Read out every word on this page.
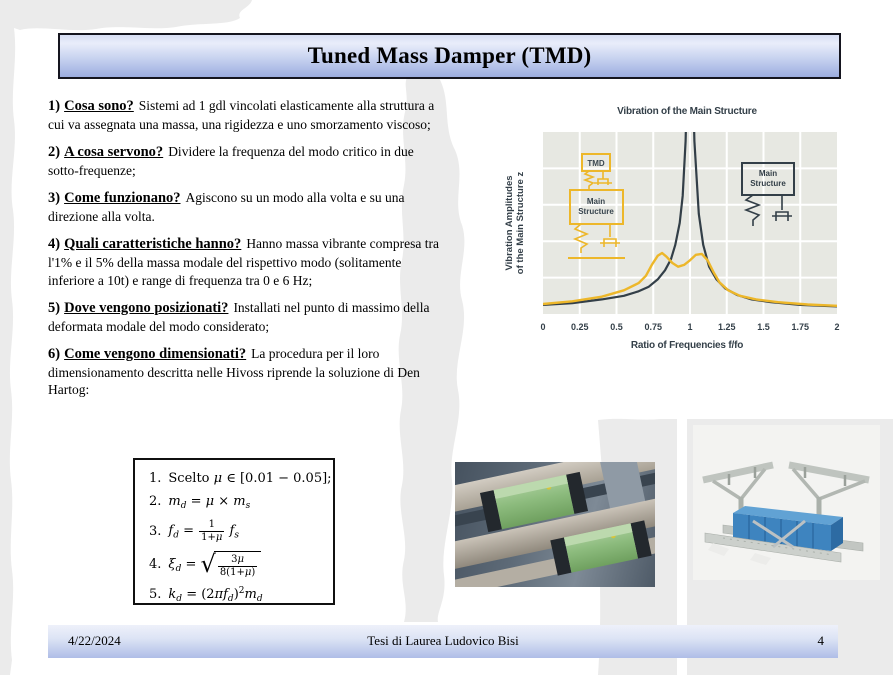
Tuned Mass Damper (TMD)
1) Cosa sono? Sistemi ad 1 gdl vincolati elasticamente alla struttura a cui va assegnata una massa, una rigidezza e uno smorzamento viscoso;
2) A cosa servono? Dividere la frequenza del modo critico in due sotto-frequenze;
3) Come funzionano? Agiscono su un modo alla volta e su una direzione alla volta.
4) Quali caratteristiche hanno? Hanno massa vibrante compresa tra l'1% e il 5% della massa modale del rispettivo modo (solitamente inferiore a 10t) e range di frequenza tra 0 e 6 Hz;
5) Dove vengono posizionati? Installati nel punto di massimo della deformata modale del modo considerato;
6) Come vengono dimensionati? La procedura per il loro dimensionamento descritta nelle Hivoss riprende la soluzione di Den Hartog:
Vibration of the Main Structure
TMD
Main
Structure
Main
Structure
0	0.25 0.5 0.75	1	1.25 1.5 1.75	2
Ratio of Frequencies f/fo
Vibration Amplitudes of the Main Structure z
1. Scelto μ ∈ [0.01 − 0.05];
2. $m_d = \mu \times m_s$
3. $f_d = \frac{1}{1+\mu} f_s$
4. $\xi_d$ = √ $\frac{3\mu}{8(1+\mu)}$
5. $k_d = (2\pi f_d)^2m_d$
4/22/2024	Tesi di Laurea Ludovico Bisi	4
